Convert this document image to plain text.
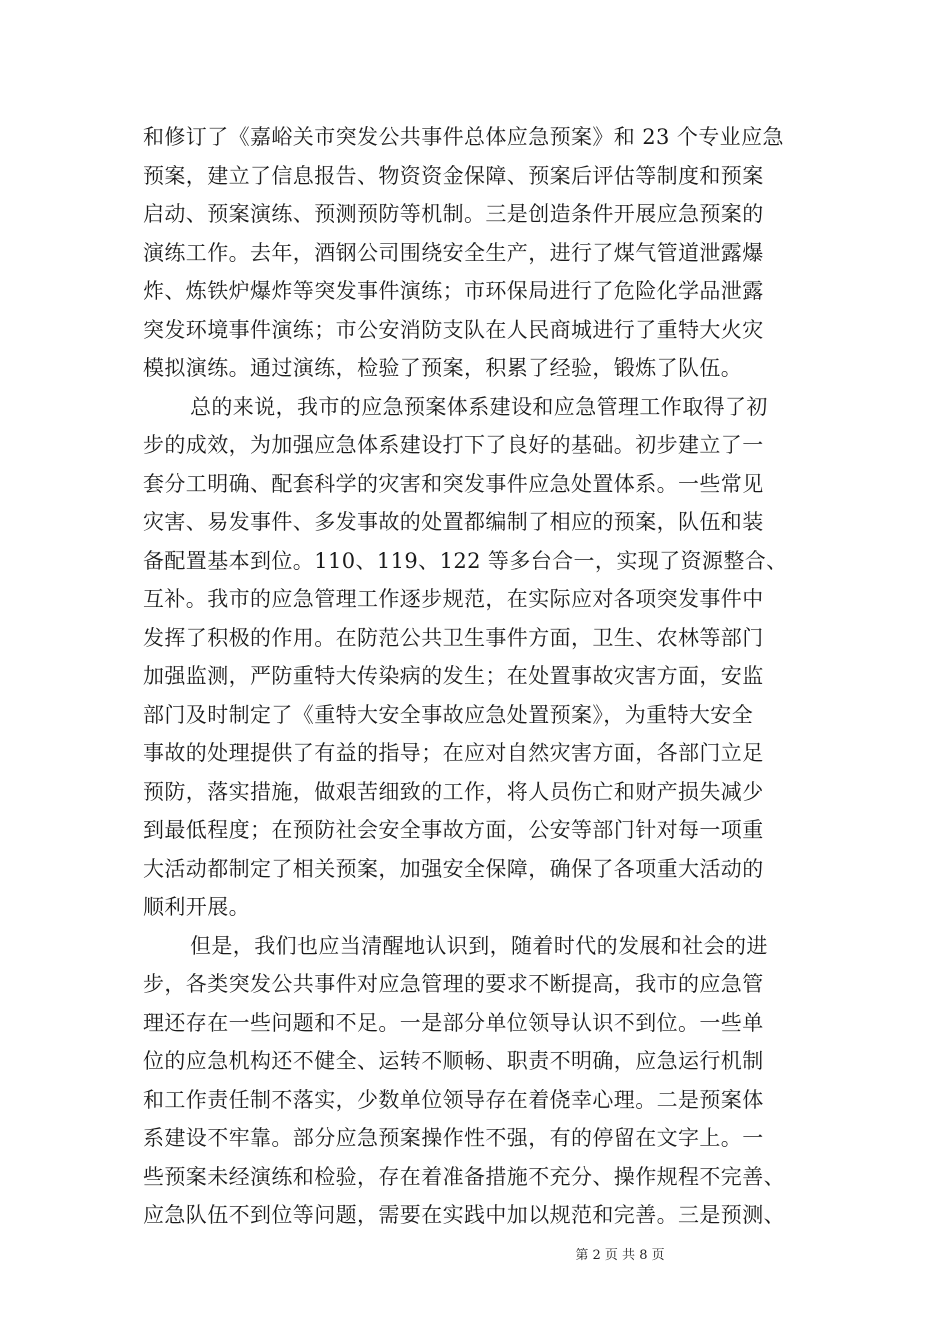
和修订了《嘉峪关市突发公共事件总体应急预案》和 23 个专业应急
预案，建立了信息报告、物资资金保障、预案后评估等制度和预案
启动、预案演练、预测预防等机制。三是创造条件开展应急预案的
演练工作。去年，酒钢公司围绕安全生产，进行了煤气管道泄露爆
炸、炼铁炉爆炸等突发事件演练；市环保局进行了危险化学品泄露
突发环境事件演练；市公安消防支队在人民商城进行了重特大火灾
模拟演练。通过演练，检验了预案，积累了经验，锻炼了队伍。
总的来说，我市的应急预案体系建设和应急管理工作取得了初
步的成效，为加强应急体系建设打下了良好的基础。初步建立了一
套分工明确、配套科学的灾害和突发事件应急处置体系。一些常见
灾害、易发事件、多发事故的处置都编制了相应的预案，队伍和装
备配置基本到位。110、119、122 等多台合一，实现了资源整合、
互补。我市的应急管理工作逐步规范，在实际应对各项突发事件中
发挥了积极的作用。在防范公共卫生事件方面，卫生、农林等部门
加强监测，严防重特大传染病的发生；在处置事故灾害方面，安监
部门及时制定了《重特大安全事故应急处置预案》，为重特大安全
事故的处理提供了有益的指导；在应对自然灾害方面，各部门立足
预防，落实措施，做艰苦细致的工作，将人员伤亡和财产损失减少
到最低程度；在预防社会安全事故方面，公安等部门针对每一项重
大活动都制定了相关预案，加强安全保障，确保了各项重大活动的
顺利开展。
但是，我们也应当清醒地认识到，随着时代的发展和社会的进
步，各类突发公共事件对应急管理的要求不断提高，我市的应急管
理还存在一些问题和不足。一是部分单位领导认识不到位。一些单
位的应急机构还不健全、运转不顺畅、职责不明确，应急运行机制
和工作责任制不落实，少数单位领导存在着侥幸心理。二是预案体
系建设不牢靠。部分应急预案操作性不强，有的停留在文字上。一
些预案未经演练和检验，存在着准备措施不充分、操作规程不完善、
应急队伍不到位等问题，需要在实践中加以规范和完善。三是预测、
第 2 页 共 8 页
